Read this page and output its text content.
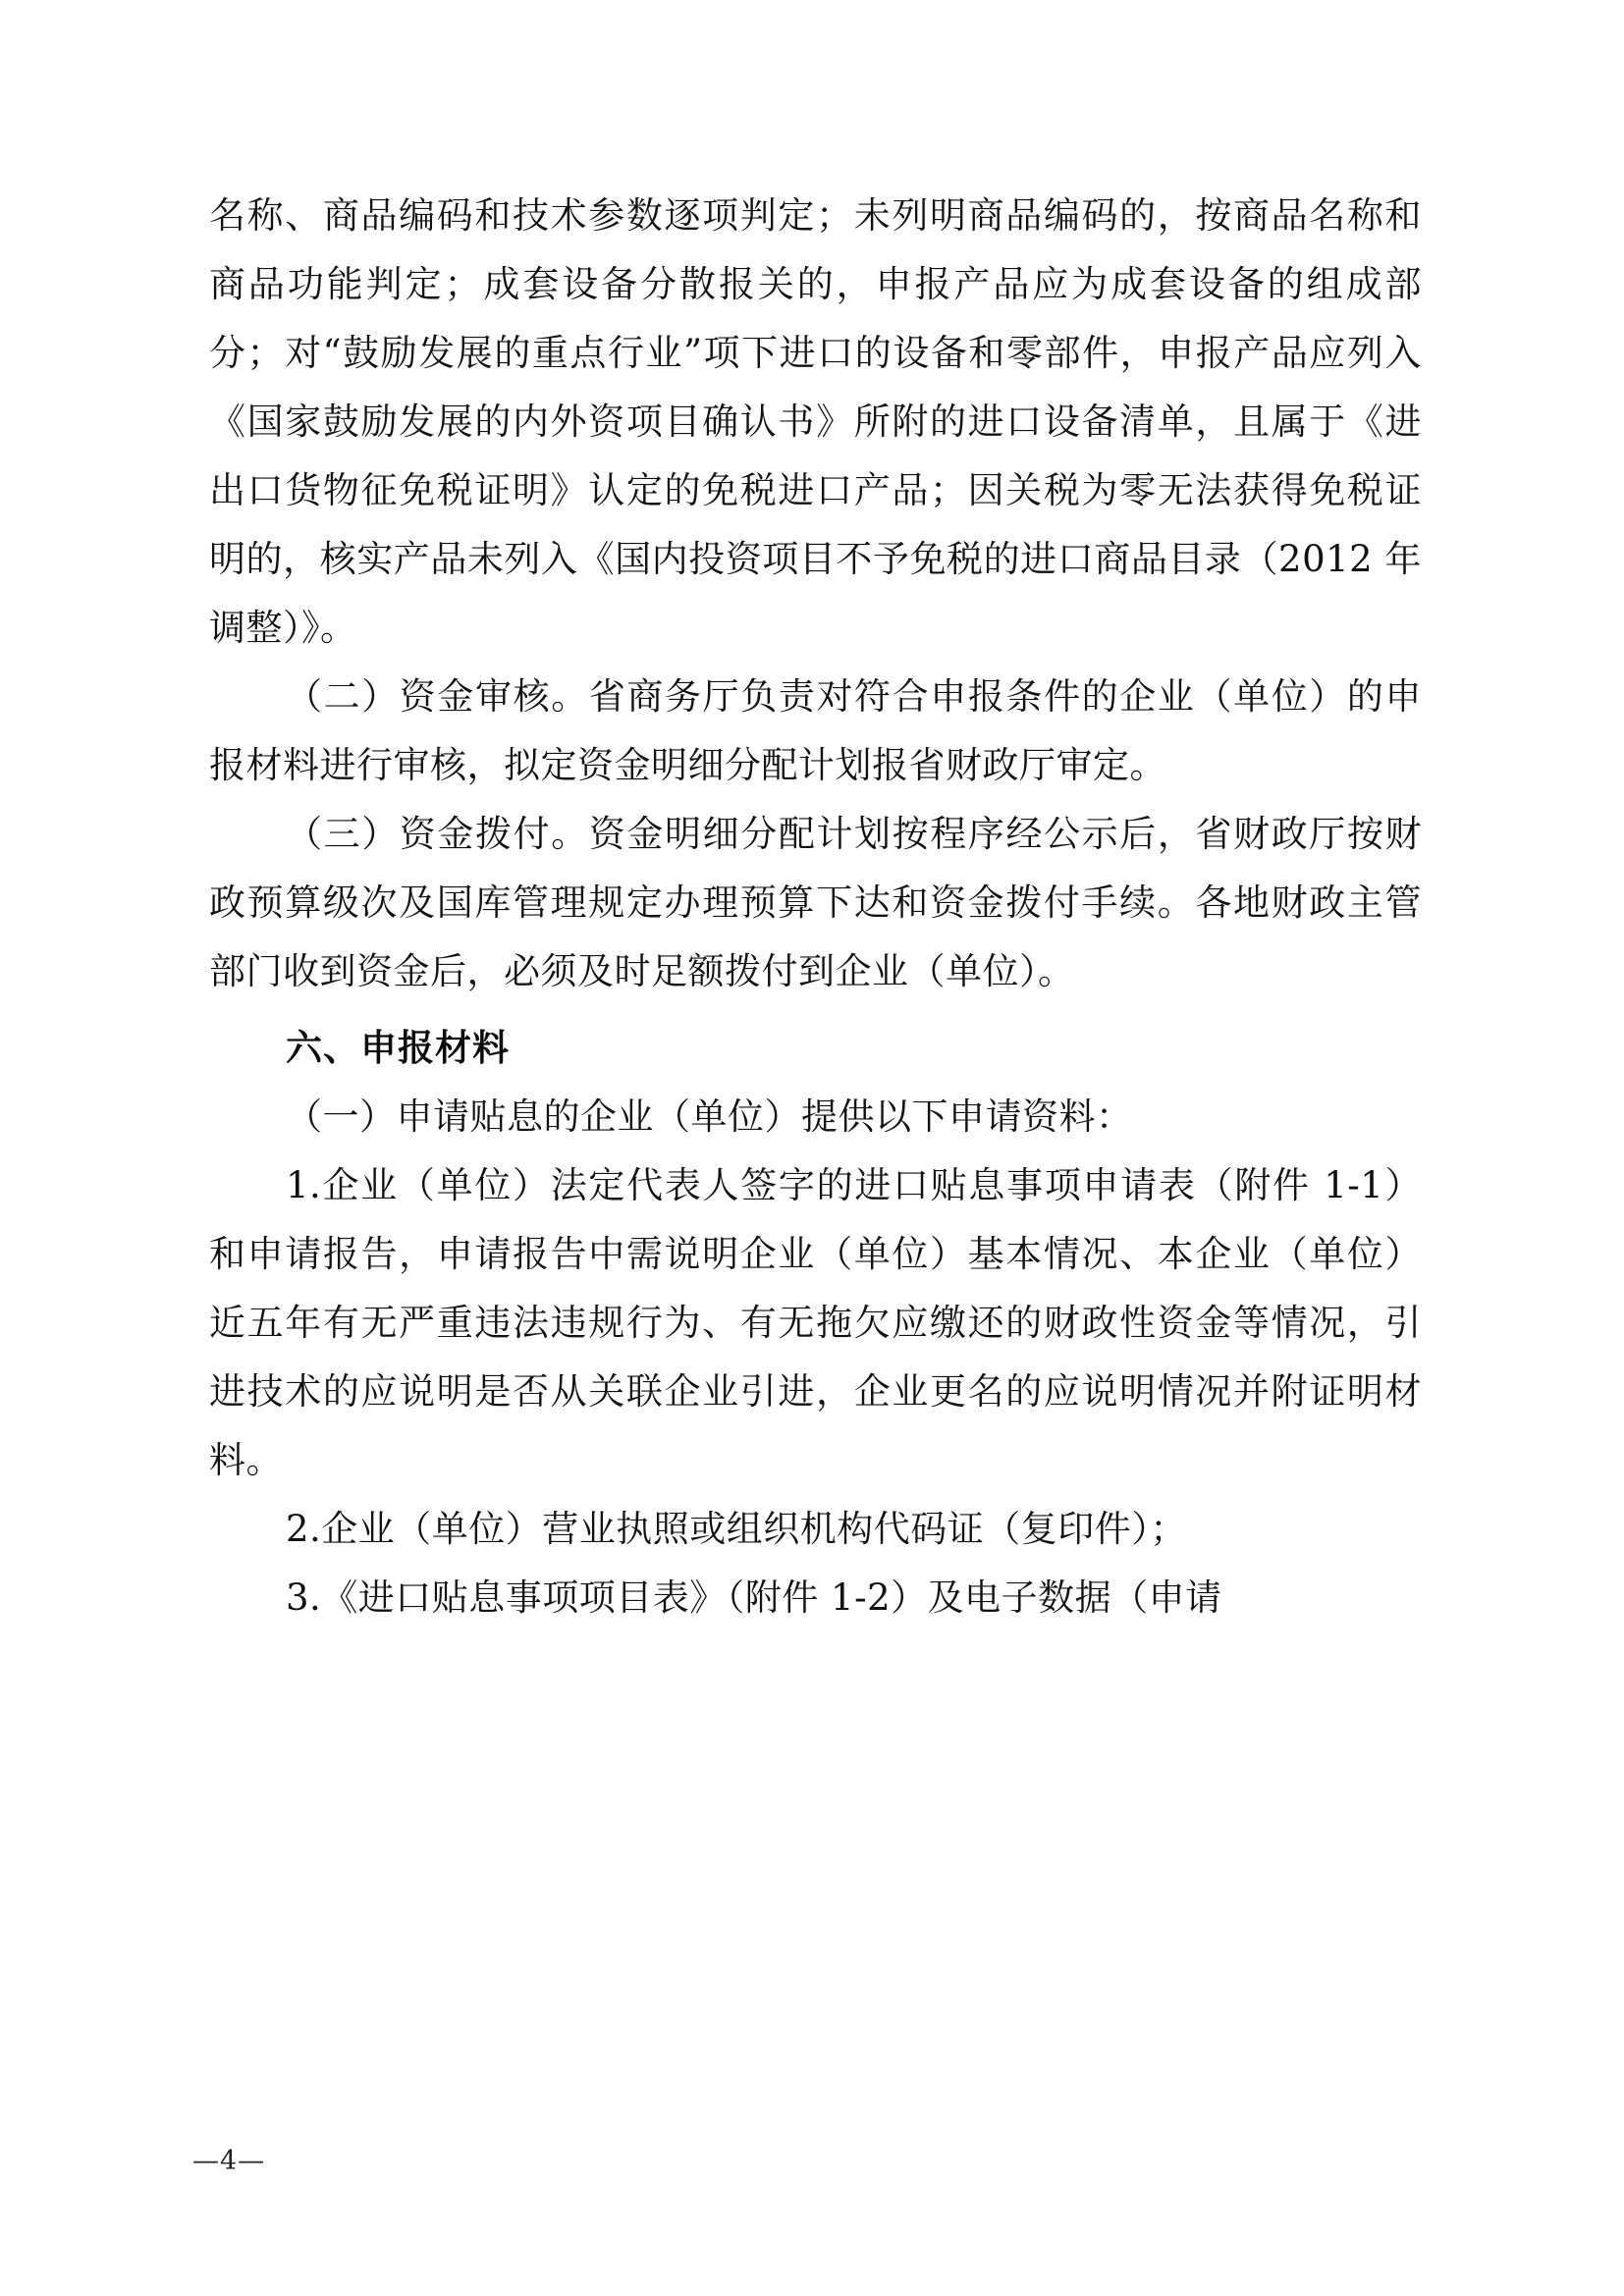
名称、商品编码和技术参数逐项判定；未列明商品编码的，按商品名称和商品功能判定；成套设备分散报关的，申报产品应为成套设备的组成部分；对“鼓励发展的重点行业”项下进口的设备和零部件，申报产品应列入《国家鼓励发展的内外资项目确认书》所附的进口设备清单，且属于《进出口货物征免税证明》认定的免税进口产品；因关税为零无法获得免税证明的，核实产品未列入《国内投资项目不予免税的进口商品目录（2012 年调整）》。

（二）资金审核。省商务厅负责对符合申报条件的企业（单位）的申报材料进行审核，拟定资金明细分配计划报省财政厅审定。

（三）资金拨付。资金明细分配计划按程序经公示后，省财政厅按财政预算级次及国库管理规定办理预算下达和资金拨付手续。各地财政主管部门收到资金后，必须及时足额拨付到企业（单位）。

六、申报材料

（一）申请贴息的企业（单位）提供以下申请资料：

1.企业（单位）法定代表人签字的进口贴息事项申请表（附件 1-1）和申请报告，申请报告中需说明企业（单位）基本情况、本企业（单位）近五年有无严重违法违规行为、有无拖欠应缴还的财政性资金等情况，引进技术的应说明是否从关联企业引进，企业更名的应说明情况并附证明材料。

2.企业（单位）营业执照或组织机构代码证（复印件）；

3.《进口贴息事项项目表》（附件 1-2）及电子数据（申请

—4—
